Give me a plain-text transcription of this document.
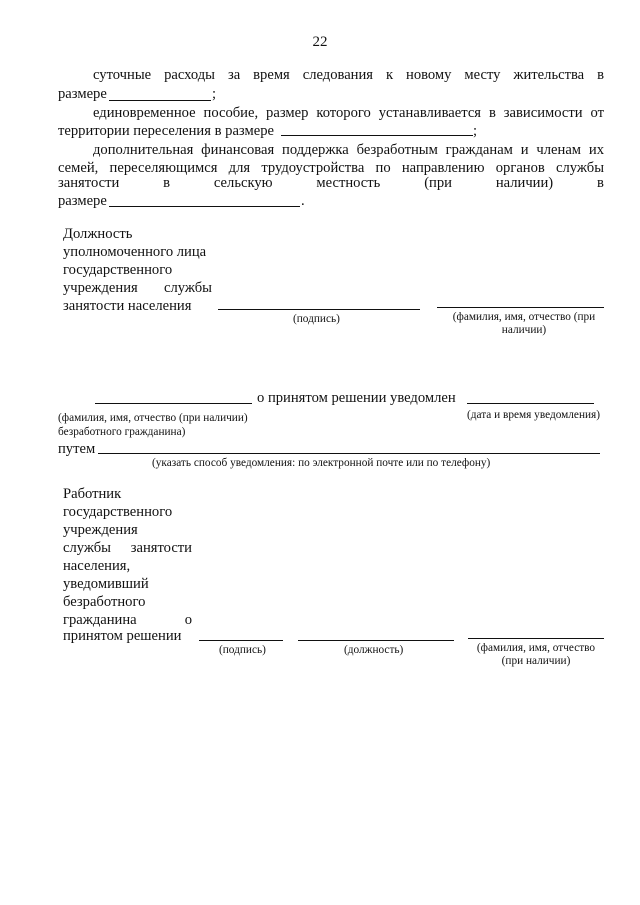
22
суточные расходы за время следования к новому месту жительства в
размере	;
единовременное пособие, размер которого устанавливается в зависимости от
территории переселения в размере	;
дополнительная финансовая поддержка безработным гражданам и членам их
семей, переселяющимся для трудоустройства по направлению органов службы
занятости	в	сельскую	местность	(при	наличии)	в
размере	.
Должность
уполномоченного лица
государственного
учреждения службы
занятости населения
(подпись)	(фамилия, имя, отчество (при
наличии)
о принятом решении уведомлен
(фамилия, имя, отчество (при наличии)
безработного гражданина)
(дата и время уведомления)
путем
(указать способ уведомления: по электронной почте или по телефону)
Работник
государственного
учреждения
службы занятости
населения,
уведомивший
безработного
гражданина	о
принятом решении
(подпись)	(должность)	(фамилия, имя, отчество
(при наличии)
